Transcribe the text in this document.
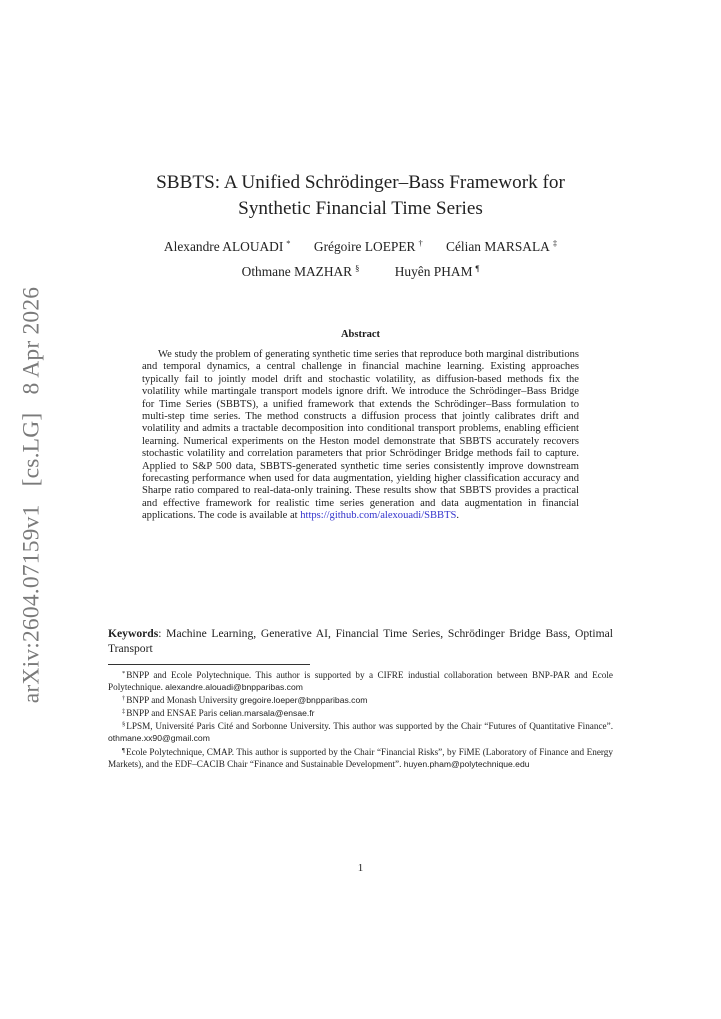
arXiv:2604.07159v1 [cs.LG] 8 Apr 2026
SBBTS: A Unified Schrödinger–Bass Framework for
Synthetic Financial Time Series
Alexandre ALOUADI * Grégoire LOEPER † Célian MARSALA ‡
Othmane MAZHAR §	Huyên PHAM ¶
Abstract
We study the problem of generating synthetic time series that reproduce both marginal distributions and temporal dynamics, a central challenge in financial machine learning. Existing approaches typically fail to jointly model drift and stochastic volatility, as diffusion-based methods fix the volatility while martingale transport models ignore drift. We introduce the Schrödinger–Bass Bridge for Time Series (SBBTS), a unified framework that extends the Schrödinger–Bass formulation to multi-step time series. The method constructs a diffusion process that jointly calibrates drift and volatility and admits a tractable decomposition into conditional transport problems, enabling efficient learning. Numerical experiments on the Heston model demonstrate that SBBTS accurately recovers stochastic volatility and correlation parameters that prior Schrödinger Bridge methods fail to capture. Applied to S&P 500 data, SBBTS-generated synthetic time series consistently improve downstream forecasting performance when used for data augmentation, yielding higher classification accuracy and Sharpe ratio compared to real-data-only training. These results show that SBBTS provides a practical and effective framework for realistic time series generation and data augmentation in financial applications. The code is available at https://github.com/alexouadi/SBBTS.
Keywords: Machine Learning, Generative AI, Financial Time Series, Schrödinger Bridge Bass, Optimal Transport
*BNPP and Ecole Polytechnique. This author is supported by a CIFRE industial collaboration between BNP-PAR and Ecole Polytechnique. alexandre.alouadi@bnpparibas.com
†BNPP and Monash University gregoire.loeper@bnpparibas.com
‡BNPP and ENSAE Paris celian.marsala@ensae.fr
§LPSM, Université Paris Cité and Sorbonne University. This author was supported by the Chair “Futures of Quantitative Finance”. othmane.xx90@gmail.com
¶Ecole Polytechnique, CMAP. This author is supported by the Chair “Financial Risks”, by FiME (Laboratory of Finance and Energy Markets), and the EDF–CACIB Chair “Finance and Sustainable Development”. huyen.pham@polytechnique.edu
1
